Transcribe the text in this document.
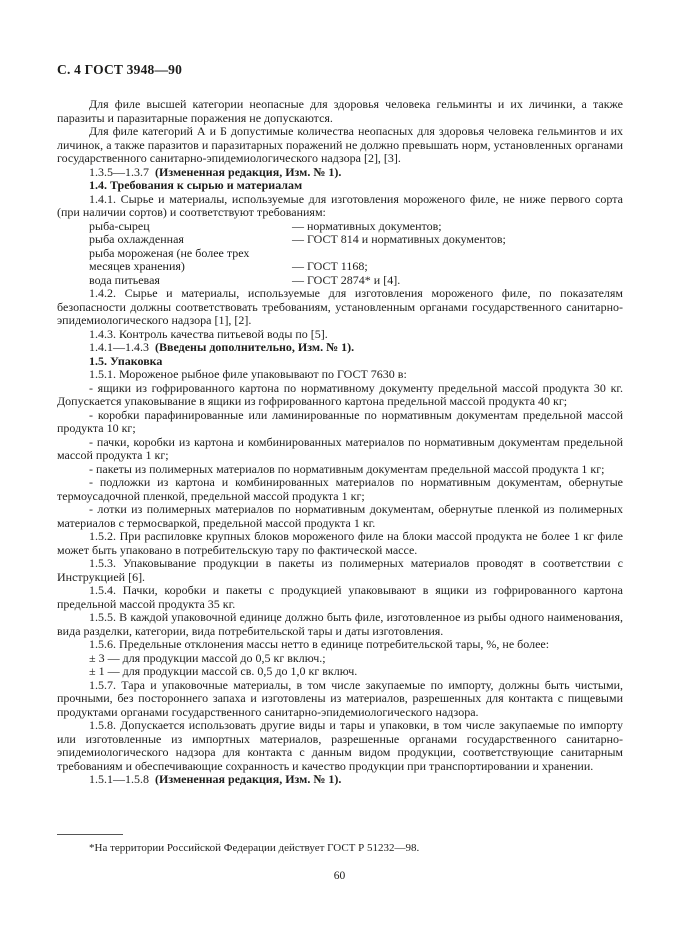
С. 4 ГОСТ 3948—90

Для филе высшей категории неопасные для здоровья человека гельминты и их личинки, а также паразиты и паразитарные поражения не допускаются.

Для филе категорий А и Б допустимые количества неопасных для здоровья человека гельминтов и их личинок, а также паразитов и паразитарных поражений не должно превышать норм, установленных органами государственного санитарно-эпидемиологического надзора [2], [3].

1.3.5—1.3.7 (Измененная редакция, Изм. № 1).

1.4. Требования к сырью и материалам

1.4.1. Сырье и материалы, используемые для изготовления мороженого филе, не ниже первого сорта (при наличии сортов) и соответствуют требованиям:

рыба-сырец	— нормативных документов;
рыба охлажденная	— ГОСТ 814 и нормативных документов;
рыба мороженая (не более трех месяцев хранения)	— ГОСТ 1168;
вода питьевая	— ГОСТ 2874* и [4].

1.4.2. Сырье и материалы, используемые для изготовления мороженого филе, по показателям безопасности должны соответствовать требованиям, установленным органами государственного санитарно-эпидемиологического надзора [1], [2].

1.4.3. Контроль качества питьевой воды по [5].

1.4.1—1.4.3 (Введены дополнительно, Изм. № 1).

1.5. Упаковка

1.5.1. Мороженое рыбное филе упаковывают по ГОСТ 7630 в:

- ящики из гофрированного картона по нормативному документу предельной массой продукта 30 кг. Допускается упаковывание в ящики из гофрированного картона предельной массой продукта 40 кг;

- коробки парафинированные или ламинированные по нормативным документам предельной массой продукта 10 кг;

- пачки, коробки из картона и комбинированных материалов по нормативным документам предельной массой продукта 1 кг;

- пакеты из полимерных материалов по нормативным документам предельной массой продукта 1 кг;

- подложки из картона и комбинированных материалов по нормативным документам, обернутые термоусадочной пленкой, предельной массой продукта 1 кг;

- лотки из полимерных материалов по нормативным документам, обернутые пленкой из полимерных материалов с термосваркой, предельной массой продукта 1 кг.

1.5.2. При распиловке крупных блоков мороженого филе на блоки массой продукта не более 1 кг филе может быть упаковано в потребительскую тару по фактической массе.

1.5.3. Упаковывание продукции в пакеты из полимерных материалов проводят в соответствии с Инструкцией [6].

1.5.4. Пачки, коробки и пакеты с продукцией упаковывают в ящики из гофрированного картона предельной массой продукта 35 кг.

1.5.5. В каждой упаковочной единице должно быть филе, изготовленное из рыбы одного наименования, вида разделки, категории, вида потребительской тары и даты изготовления.

1.5.6. Предельные отклонения массы нетто в единице потребительской тары, %, не более:

± 3 — для продукции массой до 0,5 кг включ.;

± 1 — для продукции массой св. 0,5 до 1,0 кг включ.

1.5.7. Тара и упаковочные материалы, в том числе закупаемые по импорту, должны быть чистыми, прочными, без постороннего запаха и изготовлены из материалов, разрешенных для контакта с пищевыми продуктами органами государственного санитарно-эпидемиологического надзора.

1.5.8. Допускается использовать другие виды и тары и упаковки, в том числе закупаемые по импорту или изготовленные из импортных материалов, разрешенные органами государственного санитарно-эпидемиологического надзора для контакта с данным видом продукции, соответствующие санитарным требованиям и обеспечивающие сохранность и качество продукции при транспортировании и хранении.

1.5.1—1.5.8 (Измененная редакция, Изм. № 1).

*На территории Российской Федерации действует ГОСТ Р 51232—98.

60
